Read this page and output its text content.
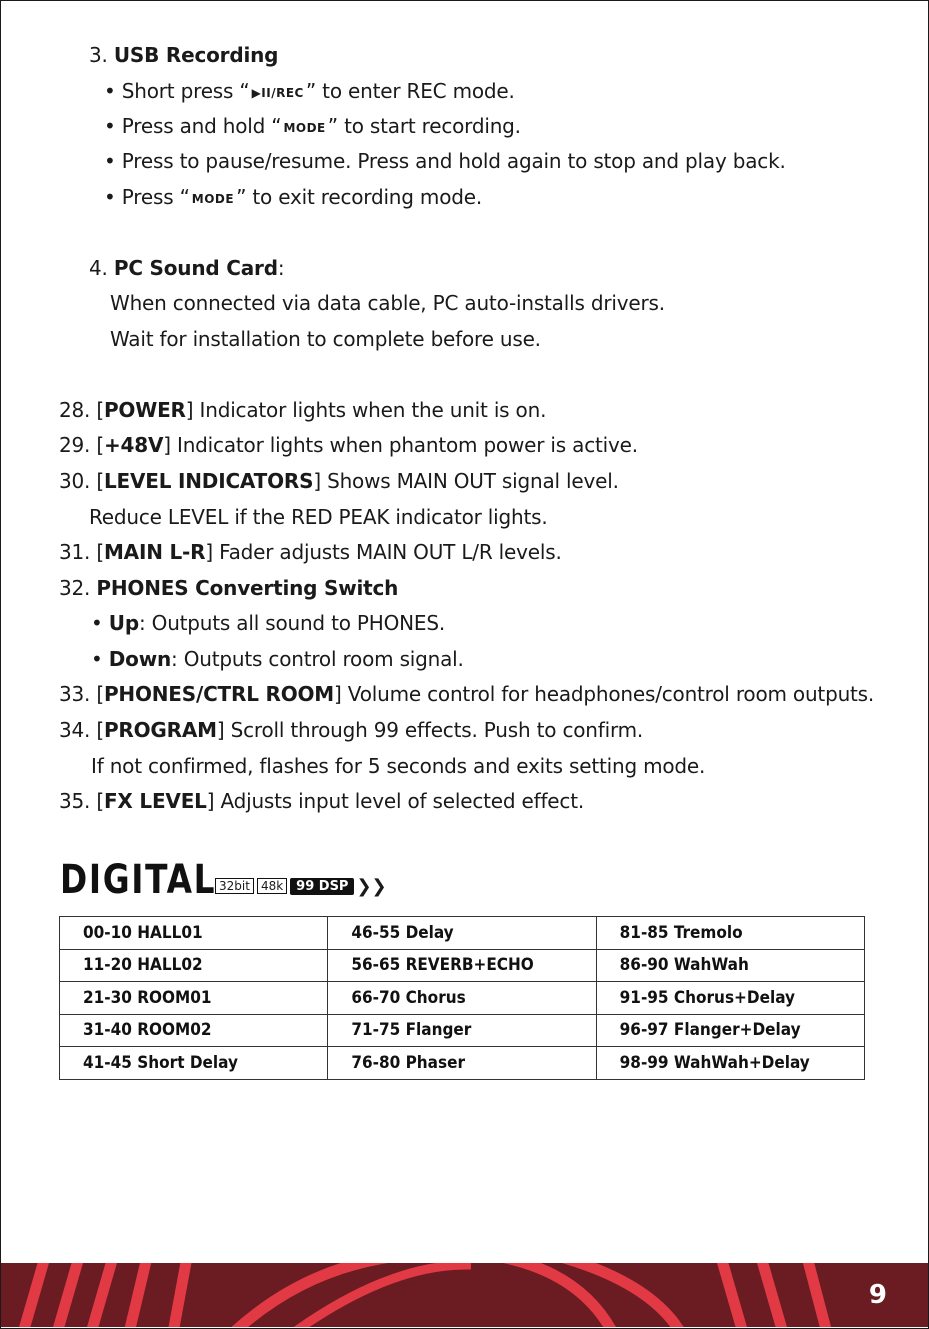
3. USB Recording
• Short press “ ▶II/REC ” to enter REC mode.
• Press and hold “ MODE ” to start recording.
• Press to pause/resume. Press and hold again to stop and play back.
• Press “ MODE ” to exit recording mode.
4. PC Sound Card:
When connected via data cable, PC auto-installs drivers.
Wait for installation to complete before use.
28. [POWER] Indicator lights when the unit is on.
29. [+48V] Indicator lights when phantom power is active.
30. [LEVEL INDICATORS] Shows MAIN OUT signal level.
Reduce LEVEL if the RED PEAK indicator lights.
31. [MAIN L-R] Fader adjusts MAIN OUT L/R levels.
32. PHONES Converting Switch
• Up: Outputs all sound to PHONES.
• Down: Outputs control room signal.
33. [PHONES/CTRL ROOM] Volume control for headphones/control room outputs.
34. [PROGRAM] Scroll through 99 effects. Push to confirm.
If not confirmed, flashes for 5 seconds and exits setting mode.
35. [FX LEVEL] Adjusts input level of selected effect.
DIGITAL 32bit 48k	99 DSP ❯❯
00-10 HALL01	46-55 Delay	81-85 Tremolo
11-20 HALL02	56-65 REVERB+ECHO	86-90 WahWah
21-30 ROOM01	66-70 Chorus	91-95 Chorus+Delay
31-40 ROOM02	71-75 Flanger	96-97 Flanger+Delay
41-45 Short Delay	76-80 Phaser	98-99 WahWah+Delay
9
